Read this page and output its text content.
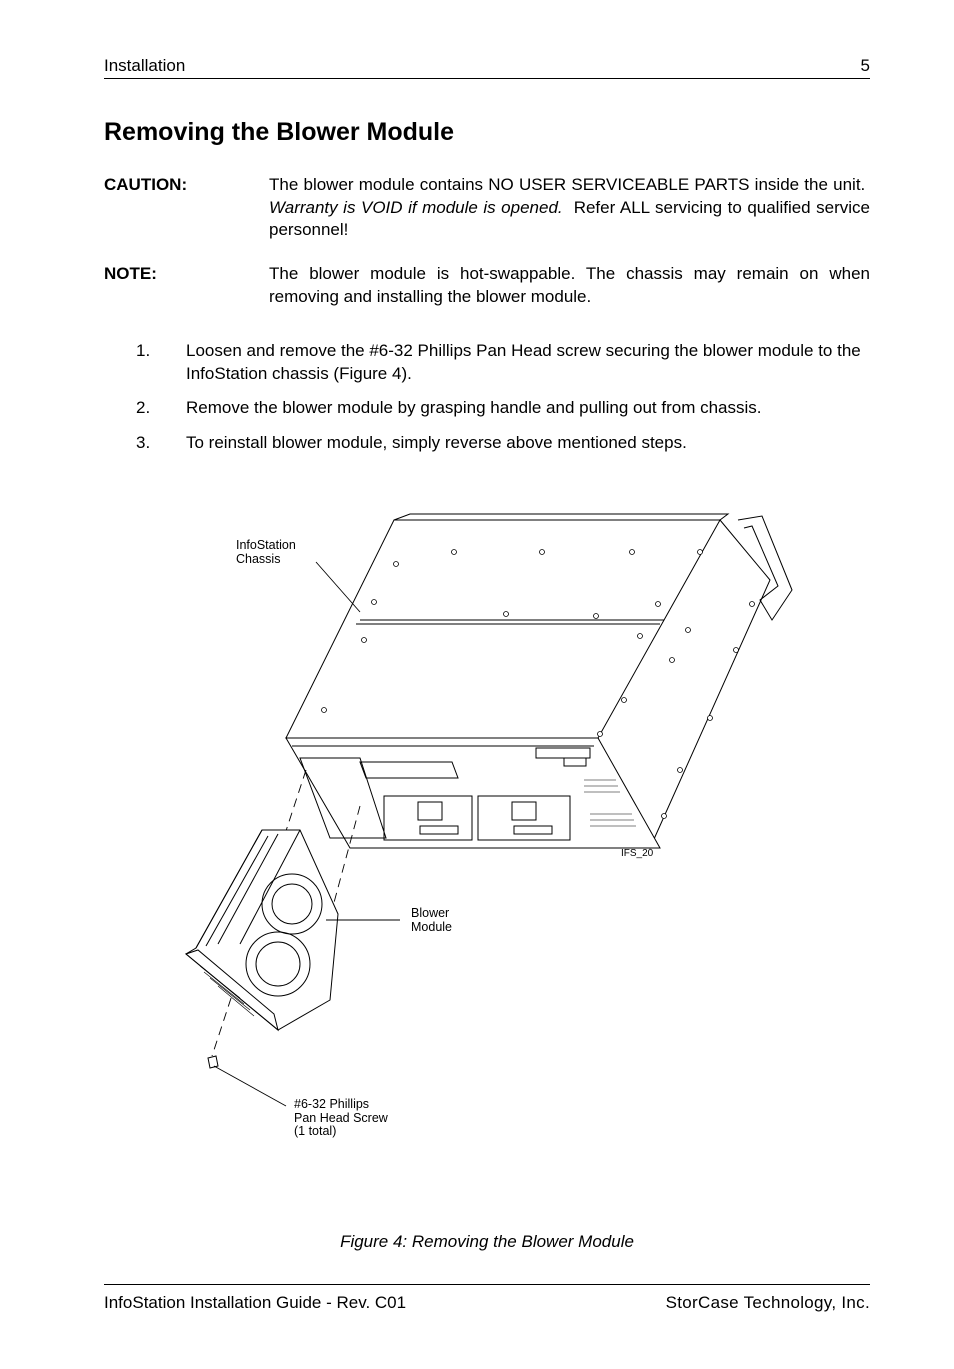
Installation	5
Removing the Blower Module
CAUTION:	The blower module contains NO USER SERVICEABLE PARTS inside the unit.  Warranty is VOID if module is opened. Refer ALL servicing to qualified service personnel!
NOTE:	The blower module is hot-swappable. The chassis may remain on when removing and installing the blower module.
1. Loosen and remove the #6-32 Phillips Pan Head screw securing the blower module to the InfoStation chassis (Figure 4).
2. Remove the blower module by grasping handle and pulling out from chassis.
3. To reinstall blower module, simply reverse above mentioned steps.
InfoStation
Chassis
Blower
Module
#6-32 Phillips
Pan Head Screw
(1 total)
IFS_20
Figure 4: Removing the Blower Module
InfoStation Installation Guide - Rev. C01	StorCase Technology, Inc.
